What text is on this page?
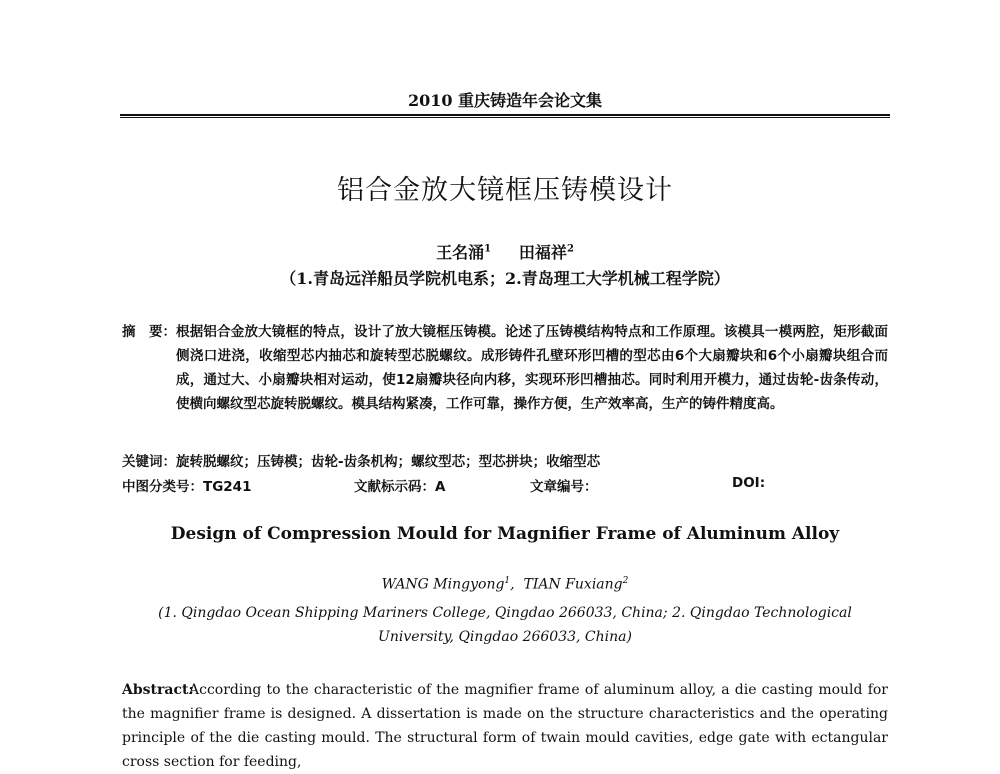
2010 重庆铸造年会论文集
铝合金放大镜框压铸模设计
王名涌$^1$ 田福祥$^2$
（1.青岛远洋船员学院机电系；2.青岛理工大学机械工程学院）
摘　要： 根据铝合金放大镜框的特点，设计了放大镜框压铸模。论述了压铸模结构特点和工作原理。该模具一模两腔，矩形截面侧浇口进浇，收缩型芯内抽芯和旋转型芯脱螺纹。成形铸件孔壁环形凹槽的型芯由6个大扇瓣块和6个小扇瓣块组合而成，通过大、小扇瓣块相对运动，使12扇瓣块径向内移，实现环形凹槽抽芯。同时利用开模力，通过齿轮-齿条传动，使横向螺纹型芯旋转脱螺纹。模具结构紧凑，工作可靠，操作方便，生产效率高，生产的铸件精度高。
关键词：旋转脱螺纹；压铸模；齿轮-齿条机构；螺纹型芯；型芯拼块；收缩型芯
中图分类号：TG241	文献标示码：A	文章编号：	DOI:
Design of Compression Mould for Magnifier Frame of Aluminum Alloy
WANG Mingyong$^1$,  TIAN Fuxiang$^2$
(1. Qingdao Ocean Shipping Mariners College, Qingdao 266033, China; 2. Qingdao Technological University, Qingdao 266033, China)
Abstract:
According to the characteristic of the magnifier frame of aluminum alloy, a die casting mould for the magnifier frame is designed. A dissertation is made on the structure characteristics and the operating principle of the die casting mould. The structural form of twain mould cavities, edge gate with ectangular cross section for feeding,
